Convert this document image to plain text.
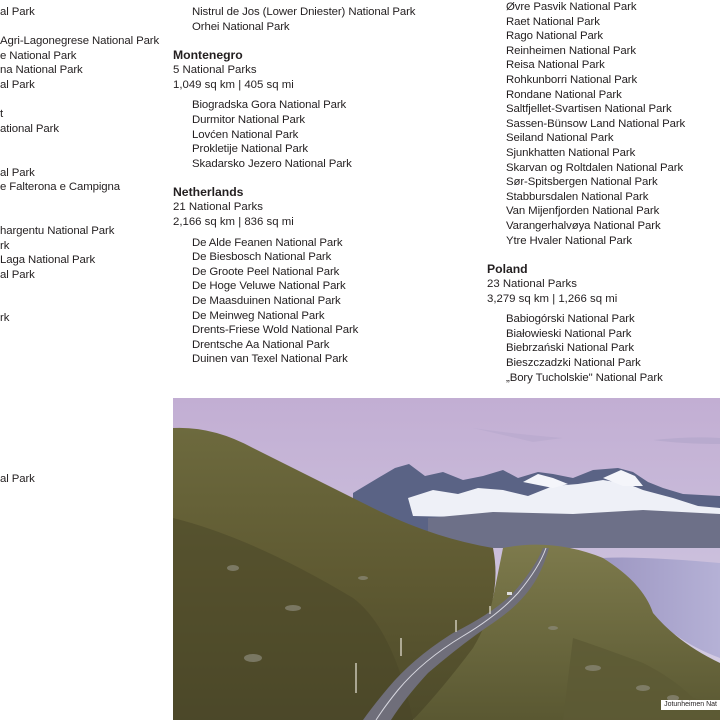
al Park

Agri-Lagonegrese National Park
e National Park
na National Park
al Park

t
ational Park

al Park
e Falterona e Campigna

hargentu National Park
rk
Laga National Park
al Park

rk

al Park
Nistrul de Jos (Lower Dniester) National Park
Orhei National Park
Montenegro
5 National Parks
1,049 sq km | 405 sq mi
Biogradska Gora National Park
Durmitor National Park
Lovćen National Park
Prokletije National Park
Skadarsko Jezero National Park
Netherlands
21 National Parks
2,166 sq km | 836 sq mi
De Alde Feanen National Park
De Biesbosch National Park
De Groote Peel National Park
De Hoge Veluwe National Park
De Maasduinen National Park
De Meinweg National Park
Drents-Friese Wold National Park
Drentsche Aa National Park
Duinen van Texel National Park
Øvre Pasvik National Park
Raet National Park
Rago National Park
Reinheimen National Park
Reisa National Park
Rohkunborri National Park
Rondane National Park
Saltfjellet-Svartisen National Park
Sassen-Bünsow Land National Park
Seiland National Park
Sjunkhatten National Park
Skarvan og Roltdalen National Park
Sør-Spitsbergen National Park
Stabbursdalen National Park
Van Mijenfjorden National Park
Varangerhalvøya National Park
Ytre Hvaler National Park
Poland
23 National Parks
3,279 sq km | 1,266 sq mi
Babiogórski National Park
Białowieski National Park
Biebrzański National Park
Bieszczadzki National Park
„Bory Tucholskie" National Park
Jotunheimen Nat
